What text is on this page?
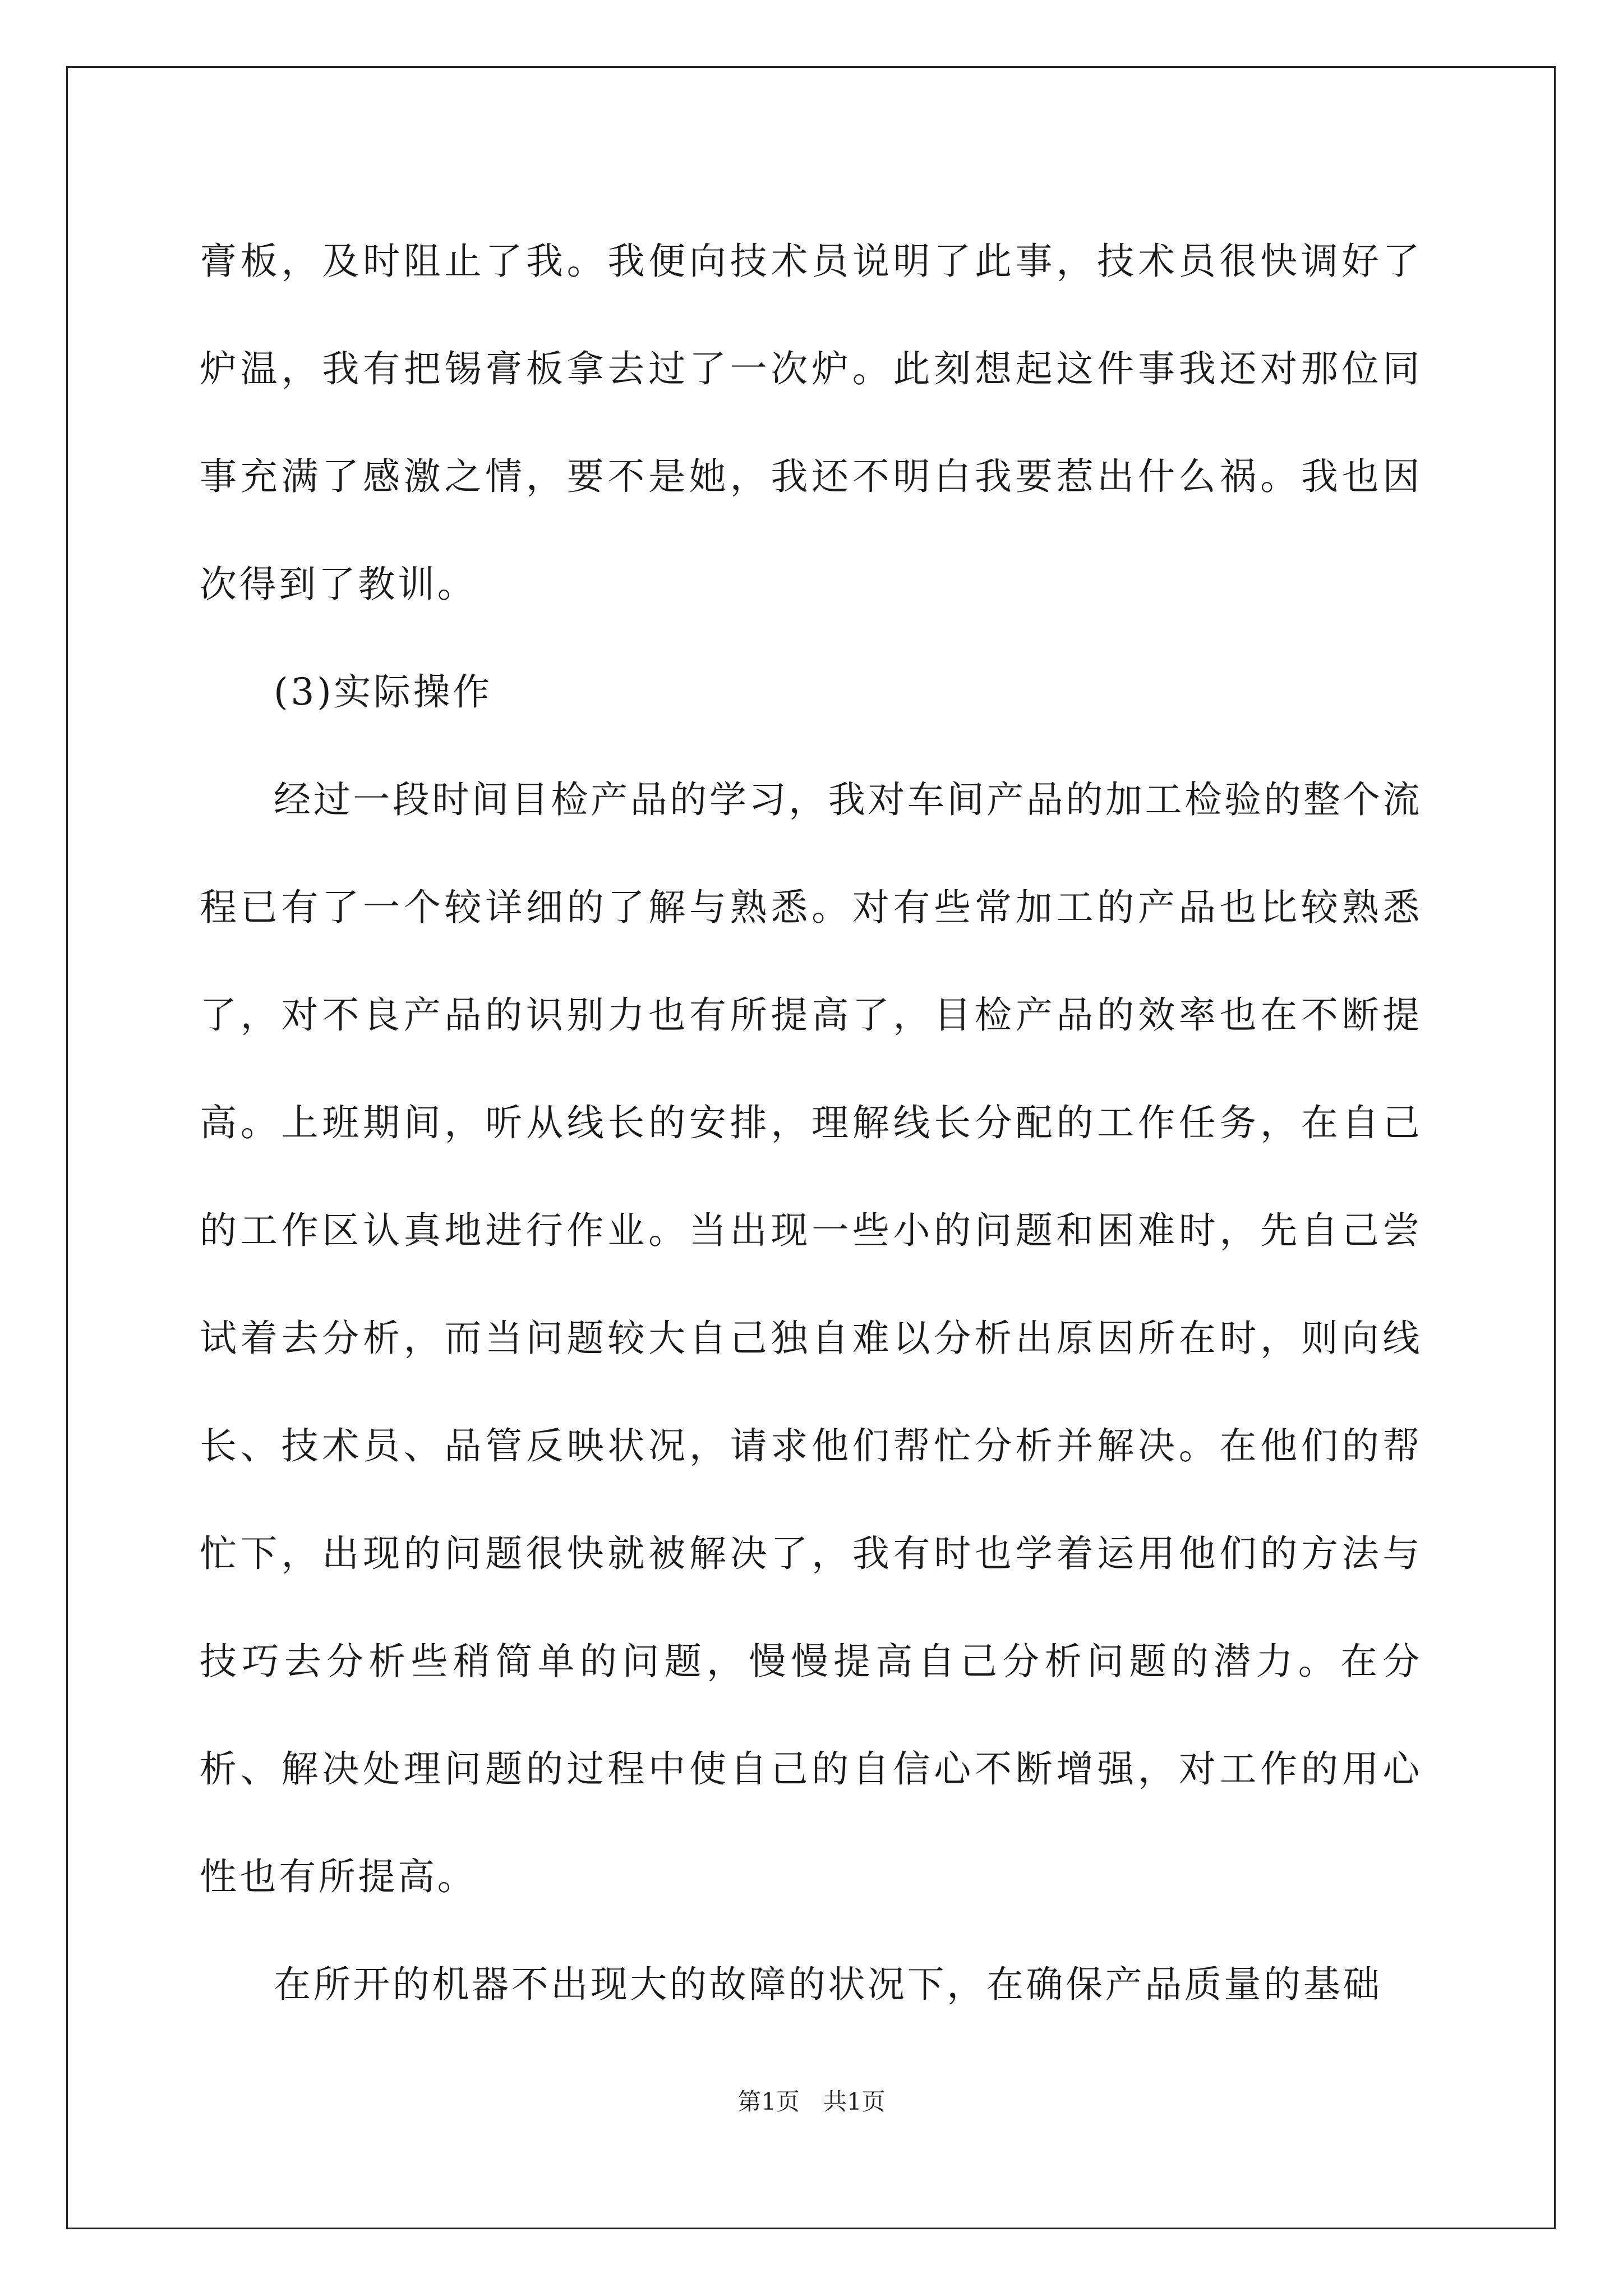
膏板，及时阻止了我。我便向技术员说明了此事，技术员很快调好了炉温，我有把锡膏板拿去过了一次炉。此刻想起这件事我还对那位同事充满了感激之情，要不是她，我还不明白我要惹出什么祸。我也因次得到了教训。

(3)实际操作

经过一段时间目检产品的学习，我对车间产品的加工检验的整个流程已有了一个较详细的了解与熟悉。对有些常加工的产品也比较熟悉了，对不良产品的识别力也有所提高了，目检产品的效率也在不断提高。上班期间，听从线长的安排，理解线长分配的工作任务，在自己的工作区认真地进行作业。当出现一些小的问题和困难时，先自己尝试着去分析，而当问题较大自己独自难以分析出原因所在时，则向线长、技术员、品管反映状况，请求他们帮忙分析并解决。在他们的帮忙下，出现的问题很快就被解决了，我有时也学着运用他们的方法与技巧去分析些稍简单的问题，慢慢提高自己分析问题的潜力。在分析、解决处理问题的过程中使自己的自信心不断增强，对工作的用心性也有所提高。

在所开的机器不出现大的故障的状况下，在确保产品质量的基础

第1页 共1页
